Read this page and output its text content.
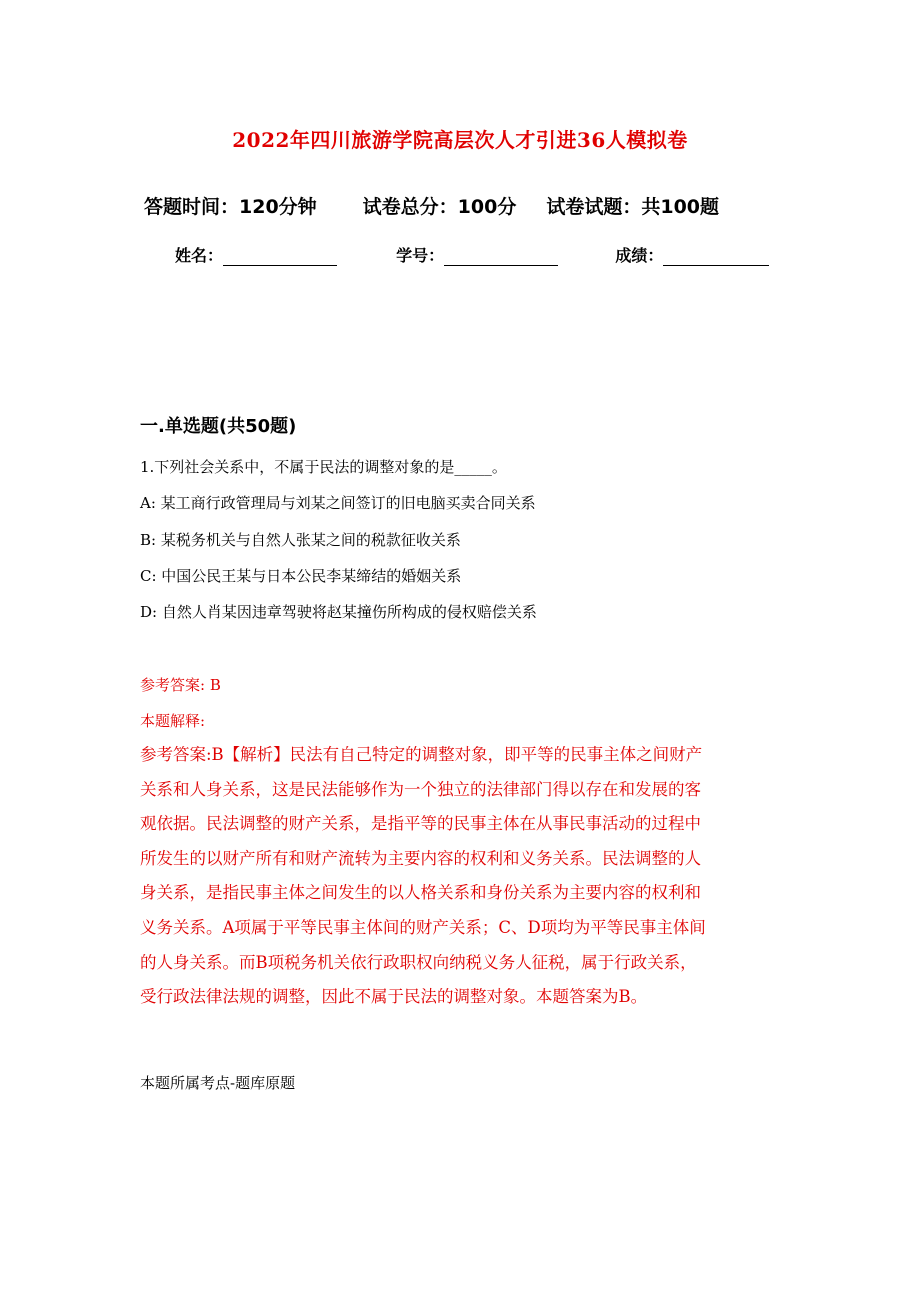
2022年四川旅游学院高层次人才引进36人模拟卷
答题时间：120分钟 试卷总分：100分 试卷试题：共100题
姓名：	学号：	成绩：
一.单选题(共50题)
1.下列社会关系中，不属于民法的调整对象的是_____。
A: 某工商行政管理局与刘某之间签订的旧电脑买卖合同关系
B: 某税务机关与自然人张某之间的税款征收关系
C: 中国公民王某与日本公民李某缔结的婚姻关系
D: 自然人肖某因违章驾驶将赵某撞伤所构成的侵权赔偿关系
参考答案: B
本题解释:
参考答案:B【解析】民法有自己特定的调整对象，即平等的民事主体之间财产
关系和人身关系，这是民法能够作为一个独立的法律部门得以存在和发展的客
观依据。民法调整的财产关系，是指平等的民事主体在从事民事活动的过程中
所发生的以财产所有和财产流转为主要内容的权利和义务关系。民法调整的人
身关系，是指民事主体之间发生的以人格关系和身份关系为主要内容的权利和
义务关系。A项属于平等民事主体间的财产关系；C、D项均为平等民事主体间
的人身关系。而B项税务机关依行政职权向纳税义务人征税，属于行政关系，
受行政法律法规的调整，因此不属于民法的调整对象。本题答案为B。
本题所属考点-题库原题
